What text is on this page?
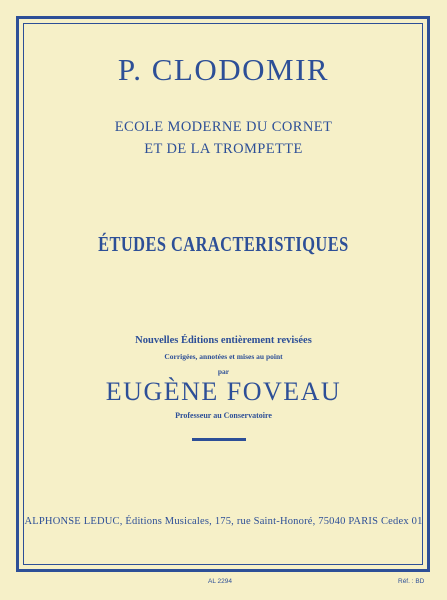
P. CLODOMIR
ECOLE MODERNE DU CORNET
ET DE LA TROMPETTE
ÉTUDES CARACTERISTIQUES
Nouvelles Éditions entièrement revisées
Corrigées, annotées et mises au point
par
EUGÈNE FOVEAU
Professeur au Conservatoire
ALPHONSE LEDUC, Éditions Musicales, 175, rue Saint-Honoré, 75040 PARIS Cedex 01
AL 2294	Réf. : BD
